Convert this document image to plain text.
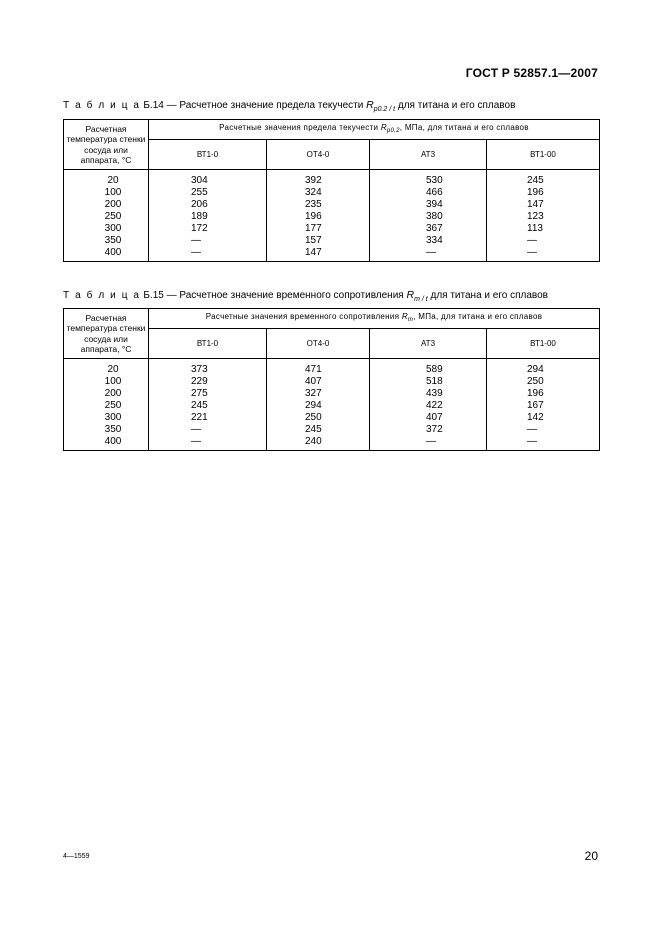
ГОСТ Р 52857.1—2007
Т а б л и ц а Б.14 — Расчетное значение предела текучести $R_{p0.2 / t}$ для титана и его сплавов
Расчетная температура стенки сосуда или аппарата, °С	Расчетные значения предела текучести $R_{p0,2}$, МПа, для титана и его сплавов			
	ВТ1-0	ОТ4-0	АТ3	ВТ1-00
20	304	392	530	245
100	255	324	466	196
200	206	235	394	147
250	189	196	380	123
300	172	177	367	113
350	—	157	334	—
400	—	147	—	—
Т а б л и ц а Б.15 — Расчетное значение временного сопротивления $R_{m / t}$ для титана и его сплавов
Расчетная температура стенки сосуда или аппарата, °С	Расчетные значения временного сопротивления $R_m$, МПа, для титана и его сплавов			
	ВТ1-0	ОТ4-0	АТ3	ВТ1-00
20	373	471	589	294
100	229	407	518	250
200	275	327	439	196
250	245	294	422	167
300	221	250	407	142
350	—	245	372	—
400	—	240	—	—
4—1559	20
